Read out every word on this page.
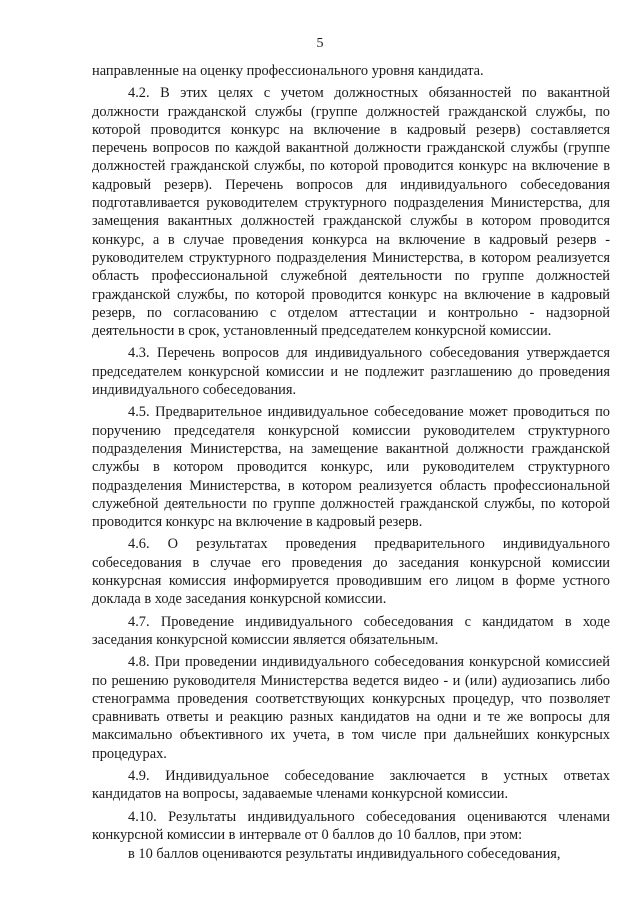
5

направленные на оценку профессионального уровня кандидата.

4.2. В этих целях с учетом должностных обязанностей по вакантной должности гражданской службы (группе должностей гражданской службы, по которой проводится конкурс на включение в кадровый резерв) составляется перечень вопросов по каждой вакантной должности гражданской службы (группе должностей гражданской службы, по которой проводится конкурс на включение в кадровый резерв). Перечень вопросов для индивидуального собеседования подготавливается руководителем структурного подразделения Министерства, для замещения вакантных должностей гражданской службы в котором проводится конкурс, а в случае проведения конкурса на включение в кадровый резерв - руководителем структурного подразделения Министерства, в котором реализуется область профессиональной служебной деятельности по группе должностей гражданской службы, по которой проводится конкурс на включение в кадровый резерв, по согласованию с отделом аттестации и контрольно - надзорной деятельности в срок, установленный председателем конкурсной комиссии.

4.3. Перечень вопросов для индивидуального собеседования утверждается председателем конкурсной комиссии и не подлежит разглашению до проведения индивидуального собеседования.

4.5. Предварительное индивидуальное собеседование может проводиться по поручению председателя конкурсной комиссии руководителем структурного подразделения Министерства, на замещение вакантной должности гражданской службы в котором проводится конкурс, или руководителем структурного подразделения Министерства, в котором реализуется область профессиональной служебной деятельности по группе должностей гражданской службы, по которой проводится конкурс на включение в кадровый резерв.

4.6. О результатах проведения предварительного индивидуального собеседования в случае его проведения до заседания конкурсной комиссии конкурсная комиссия информируется проводившим его лицом в форме устного доклада в ходе заседания конкурсной комиссии.

4.7. Проведение индивидуального собеседования с кандидатом в ходе заседания конкурсной комиссии является обязательным.

4.8. При проведении индивидуального собеседования конкурсной комиссией по решению руководителя Министерства ведется видео - и (или) аудиозапись либо стенограмма проведения соответствующих конкурсных процедур, что позволяет сравнивать ответы и реакцию разных кандидатов на одни и те же вопросы для максимально объективного их учета, в том числе при дальнейших конкурсных процедурах.

4.9. Индивидуальное собеседование заключается в устных ответах кандидатов на вопросы, задаваемые членами конкурсной комиссии.

4.10. Результаты индивидуального собеседования оцениваются членами конкурсной комиссии в интервале от 0 баллов до 10 баллов, при этом:

в 10 баллов оцениваются результаты индивидуального собеседования,
